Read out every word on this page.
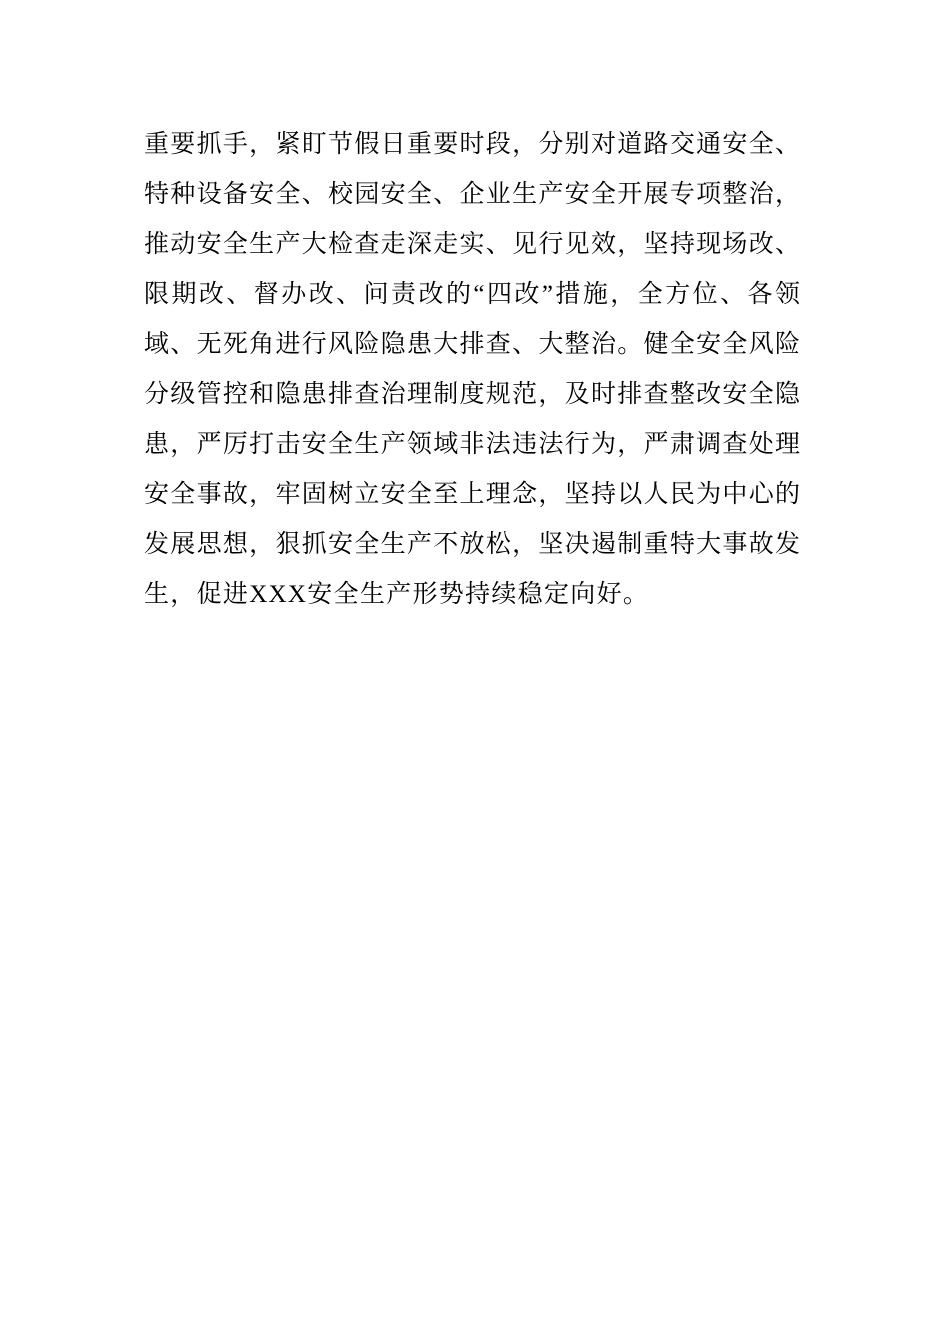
重要抓手，紧盯节假日重要时段，分别对道路交通安全、
特种设备安全、校园安全、企业生产安全开展专项整治，
推动安全生产大检查走深走实、见行见效，坚持现场改、
限期改、督办改、问责改的“四改”措施，全方位、各领
域、无死角进行风险隐患大排查、大整治。健全安全风险
分级管控和隐患排查治理制度规范，及时排查整改安全隐
患，严厉打击安全生产领域非法违法行为，严肃调查处理
安全事故，牢固树立安全至上理念，坚持以人民为中心的
发展思想，狠抓安全生产不放松，坚决遏制重特大事故发
生，促进XXX安全生产形势持续稳定向好。
